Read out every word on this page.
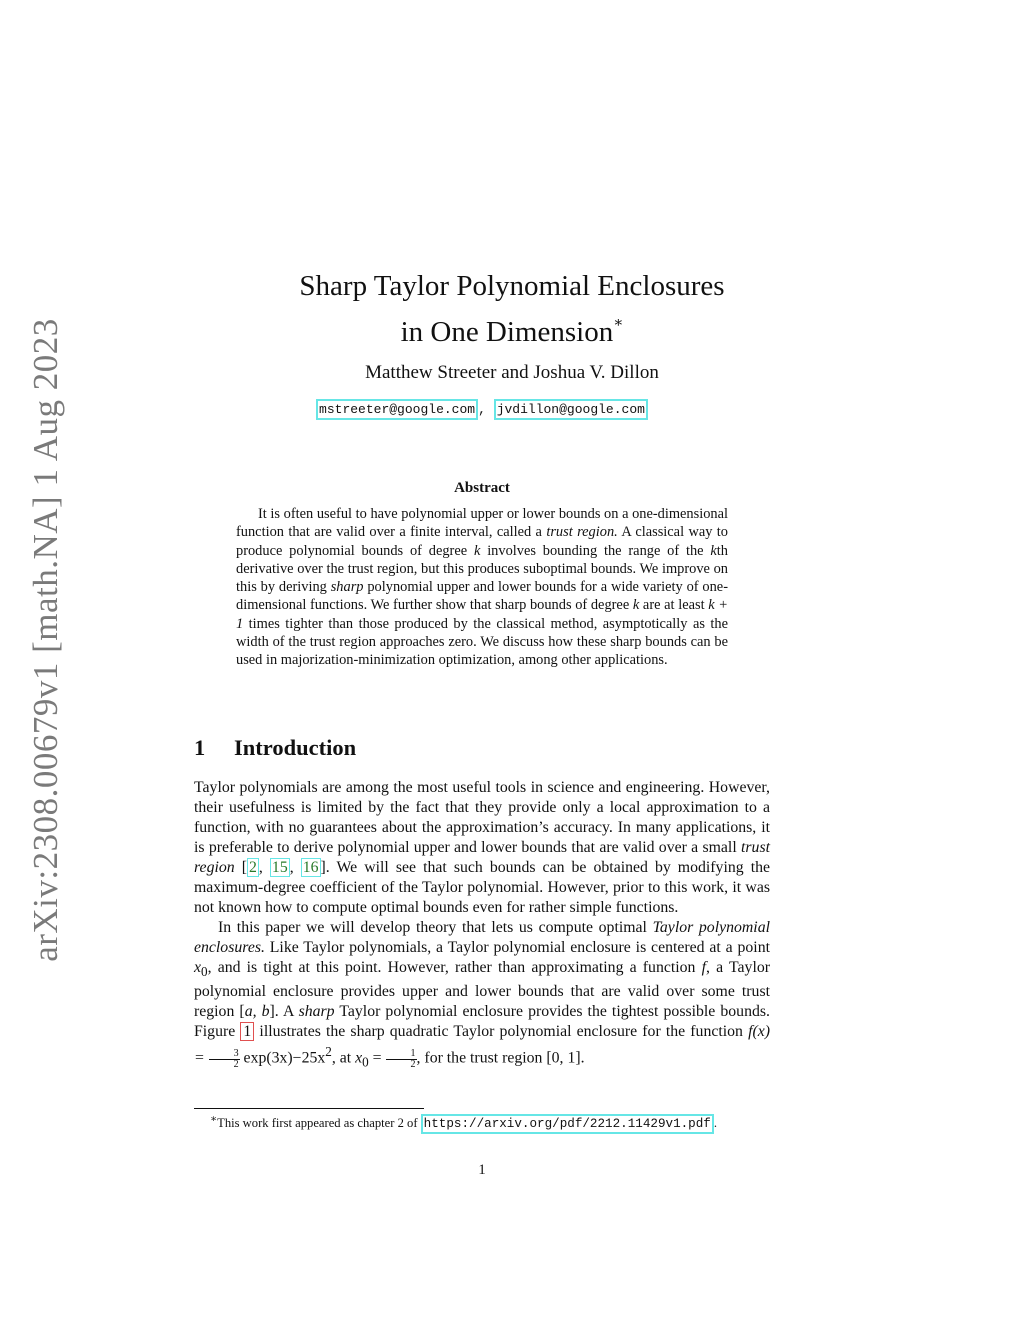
arXiv:2308.00679v1 [math.NA] 1 Aug 2023
Sharp Taylor Polynomial Enclosures
in One Dimension∗
Matthew Streeter and Joshua V. Dillon
mstreeter@google.com , jvdillon@google.com
Abstract

It is often useful to have polynomial upper or lower bounds on a one-dimensional function that are valid over a finite interval, called a trust region. A classical way to produce polynomial bounds of degree k involves bounding the range of the kth derivative over the trust region, but this produces suboptimal bounds. We improve on this by deriving sharp polynomial upper and lower bounds for a wide variety of one-dimensional functions. We further show that sharp bounds of degree k are at least k + 1 times tighter than those produced by the classical method, asymptotically as the width of the trust region approaches zero. We discuss how these sharp bounds can be used in majorization-minimization optimization, among other applications.

1 Introduction

Taylor polynomials are among the most useful tools in science and engineering. However, their usefulness is limited by the fact that they provide only a local approximation to a function, with no guarantees about the approximation’s accuracy. In many applications, it is preferable to derive polynomial upper and lower bounds that are valid over a small trust region [ 2 , 15 , 16 ]. We will see that such bounds can be obtained by modifying the maximum-degree coefficient of the Taylor polynomial. However, prior to this work, it was not known how to compute optimal bounds even for rather simple functions.

In this paper we will develop theory that lets us compute optimal Taylor polynomial enclosures. Like Taylor polynomials, a Taylor polynomial enclosure is centered at a point $x_0$, and is tight at this point. However, rather than approximating a function f, a Taylor polynomial enclosure provides upper and lower bounds that are valid over some trust region [a, b]. A sharp Taylor polynomial enclosure provides the tightest possible bounds. Figure 1 illustrates the sharp quadratic Taylor polynomial enclosure for the function $f(x) = \frac{3}{2} \exp(3x)-25x^2$, at $x_0 = \frac{1}{2}$ , for the trust region [0, 1].

∗This work first appeared as chapter 2 of https://arxiv.org/pdf/2212.11429v1.pdf .
1
